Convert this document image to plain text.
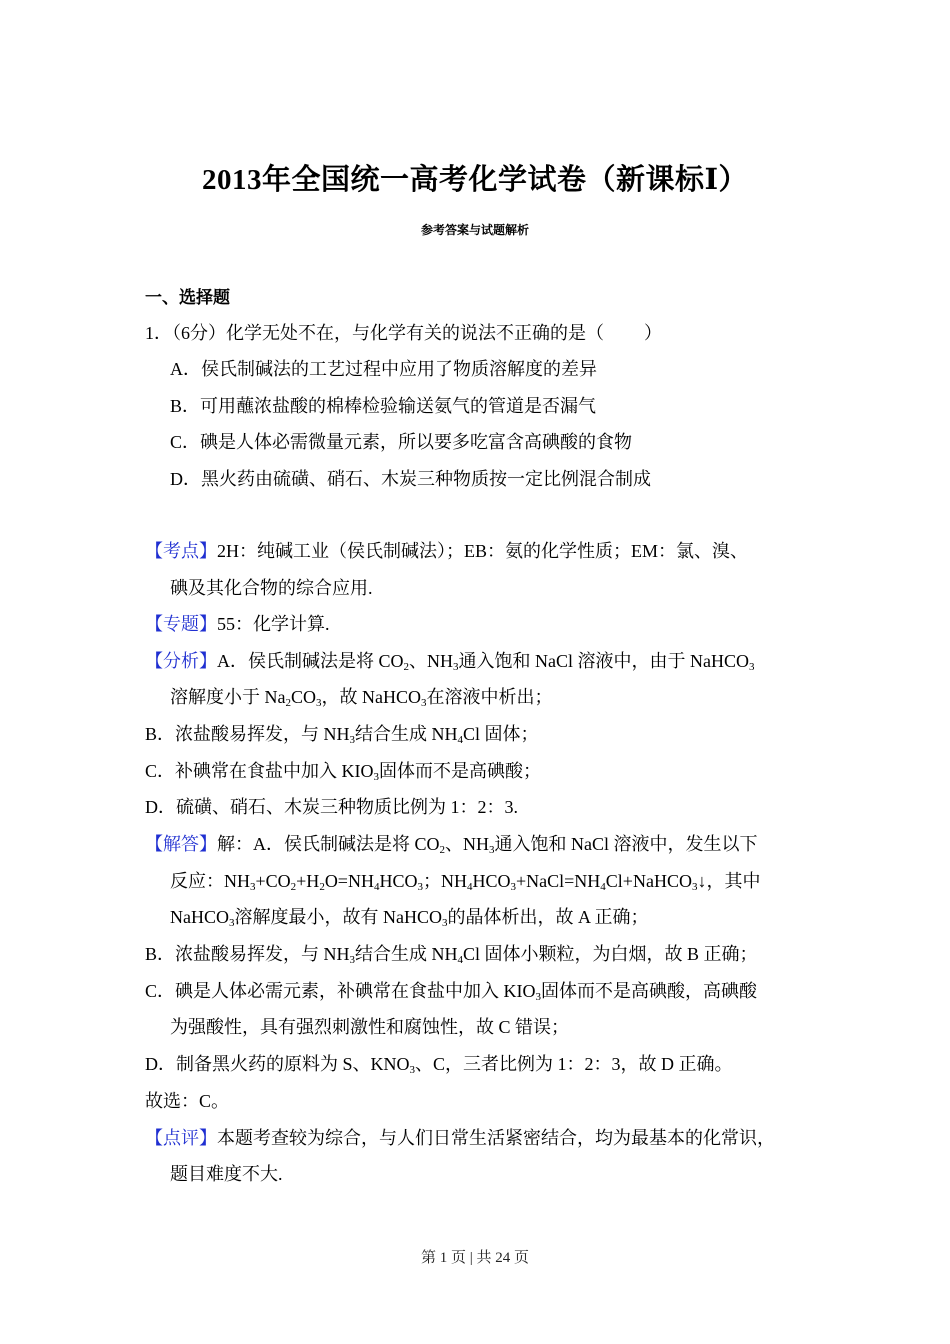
2013年全国统一高考化学试卷（新课标Ⅰ）
参考答案与试题解析
一、选择题
1．（6分）化学无处不在，与化学有关的说法不正确的是（ ）
A．侯氏制碱法的工艺过程中应用了物质溶解度的差异
B．可用蘸浓盐酸的棉棒检验输送氨气的管道是否漏气
C．碘是人体必需微量元素，所以要多吃富含高碘酸的食物
D．黑火药由硫磺、硝石、木炭三种物质按一定比例混合制成
【考点】2H：纯碱工业（侯氏制碱法）；EB：氨的化学性质；EM：氯、溴、
碘及其化合物的综合应用.
【专题】55：化学计算.
【分析】A．侯氏制碱法是将 $CO_2$、$NH_3$通入饱和 NaCl 溶液中，由于 NaHCO$_3$
溶解度小于 $Na_2CO_3$，故 NaHCO$_3$在溶液中析出；
B．浓盐酸易挥发，与 $NH_3$结合生成 $NH_4Cl$ 固体；
C．补碘常在食盐中加入 $KIO_3$固体而不是高碘酸；
D．硫磺、硝石、木炭三种物质比例为 1：2：3.
【解答】解：A．侯氏制碱法是将 $CO_2$、$NH_3$通入饱和 NaCl 溶液中，发生以下
反应：$NH_3+CO_2+H_2O=NH_4HCO_3$；$NH_4HCO_3+NaCl=NH_4Cl+NaHCO_3↓$，其中
NaHCO$_3$溶解度最小，故有 NaHCO$_3$的晶体析出，故 A 正确；
B．浓盐酸易挥发，与 $NH_3$结合生成 $NH_4Cl$ 固体小颗粒，为白烟，故 B 正确；
C．碘是人体必需元素，补碘常在食盐中加入 $KIO_3$固体而不是高碘酸，高碘酸
为强酸性，具有强烈刺激性和腐蚀性，故 C 错误；
D．制备黑火药的原料为 S、$KNO_3$、C，三者比例为 1：2：3，故 D 正确。
故选：C。
【点评】本题考查较为综合，与人们日常生活紧密结合，均为最基本的化常识，
题目难度不大.
第 1 页 | 共 24 页
